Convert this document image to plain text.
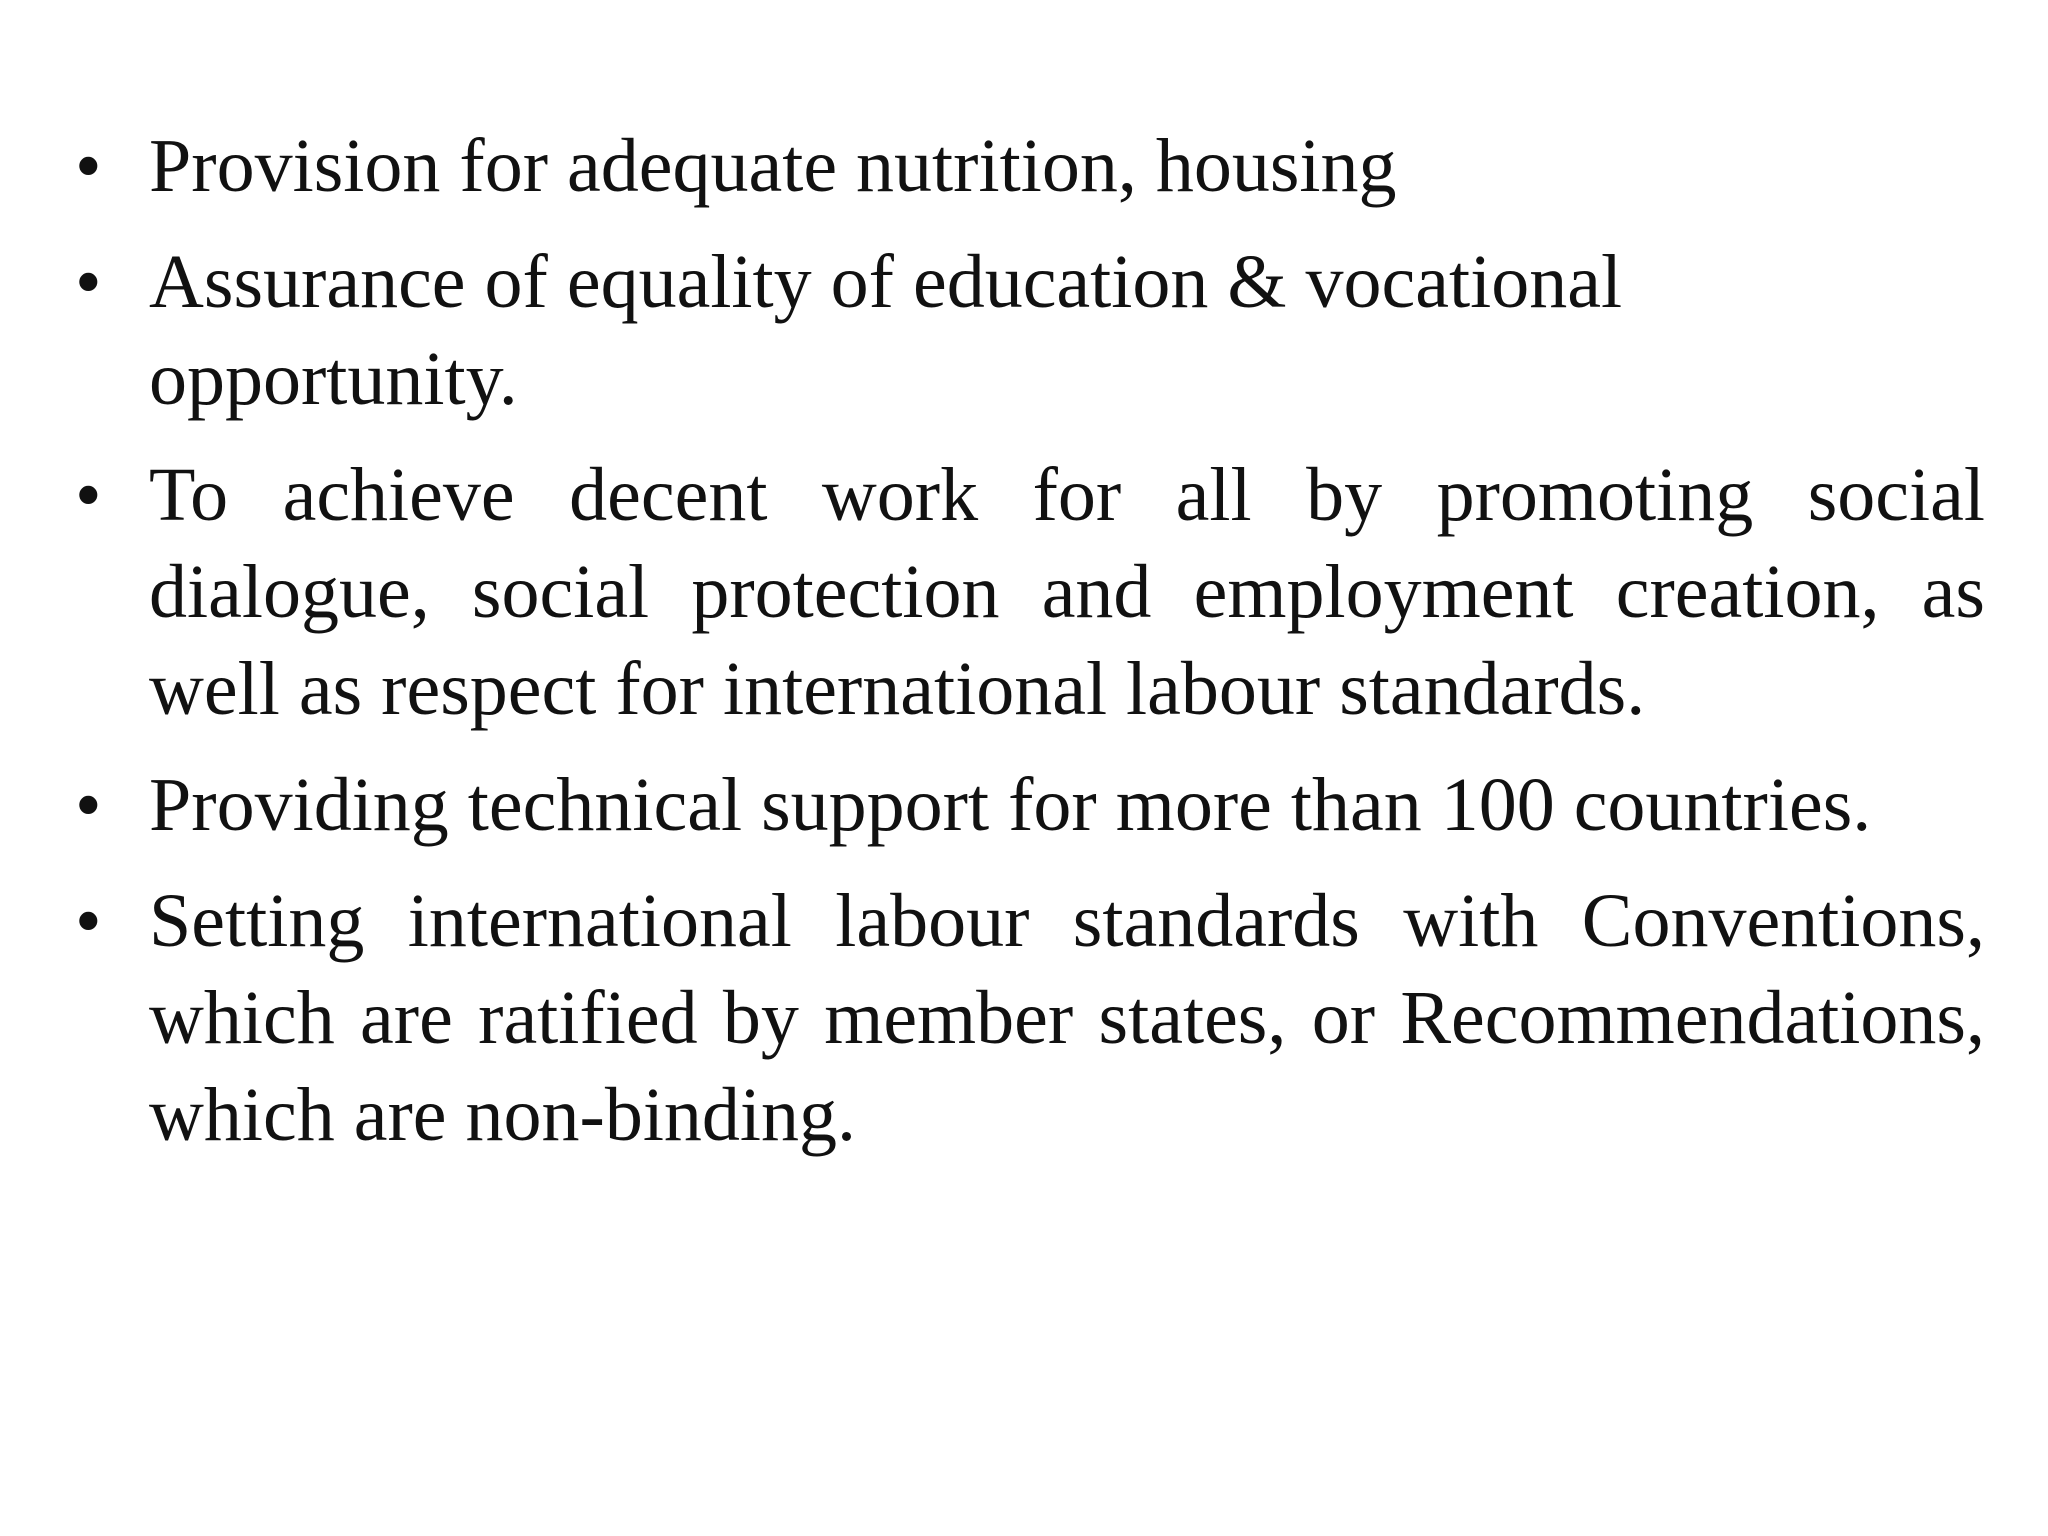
• Provision for adequate nutrition, housing
• Assurance of equality of education & vocational opportunity.
• To achieve decent work for all by promoting social dialogue, social protection and employment creation, as well as respect for international labour standards.
• Providing technical support for more than 100 countries.
• Setting international labour standards with Conventions, which are ratified by member states, or Recommendations, which are non-binding.
